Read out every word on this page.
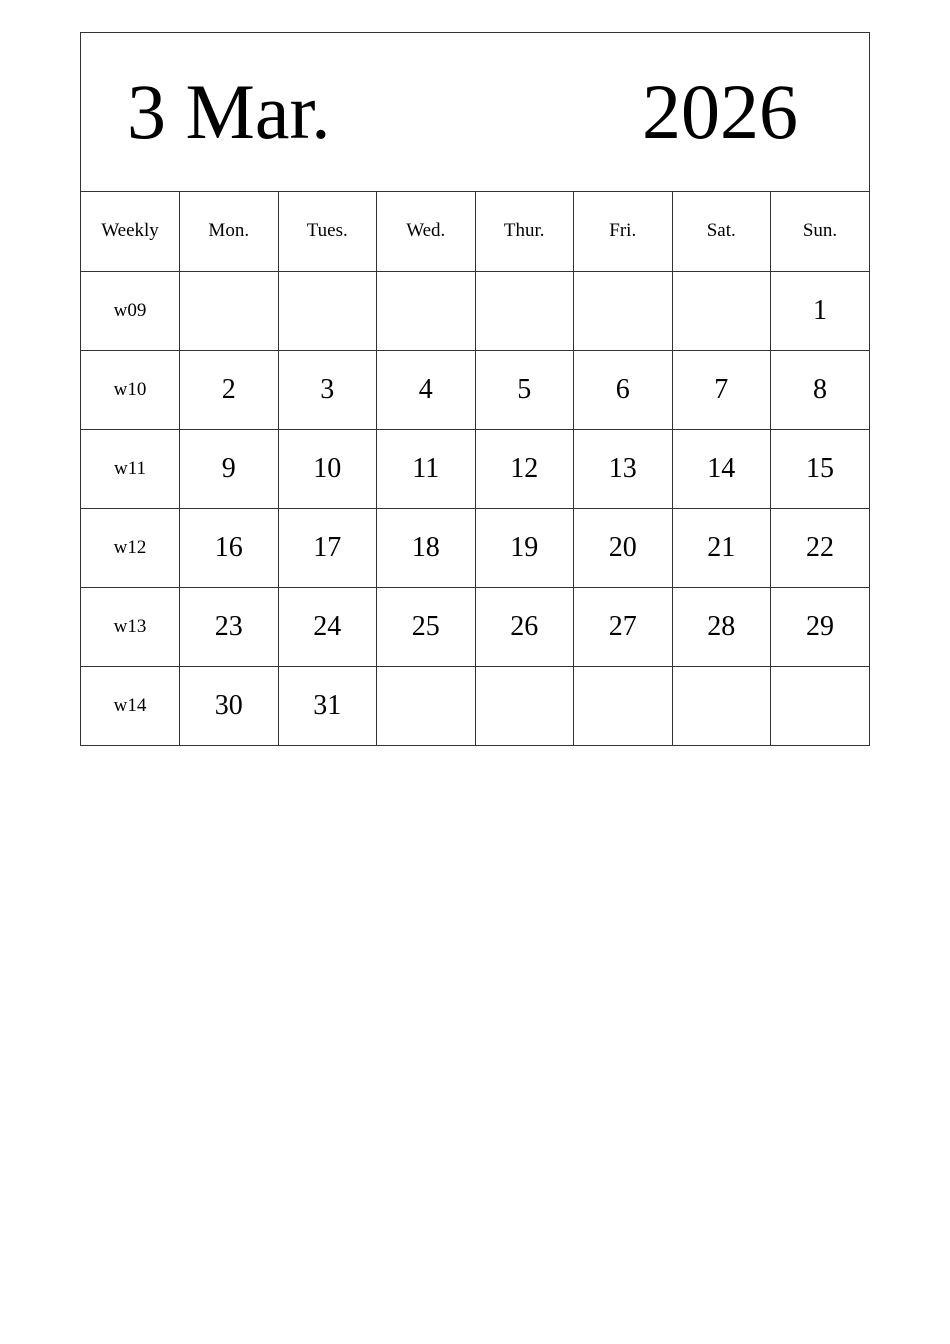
3 Mar.	2026
Weekly	Mon.	Tues.	Wed.	Thur.	Fri.	Sat.	Sun.
w09							1
w10	2	3	4	5	6	7	8
w11	9	10	11	12	13	14	15
w12	16	17	18	19	20	21	22
w13	23	24	25	26	27	28	29
w14	30	31					
